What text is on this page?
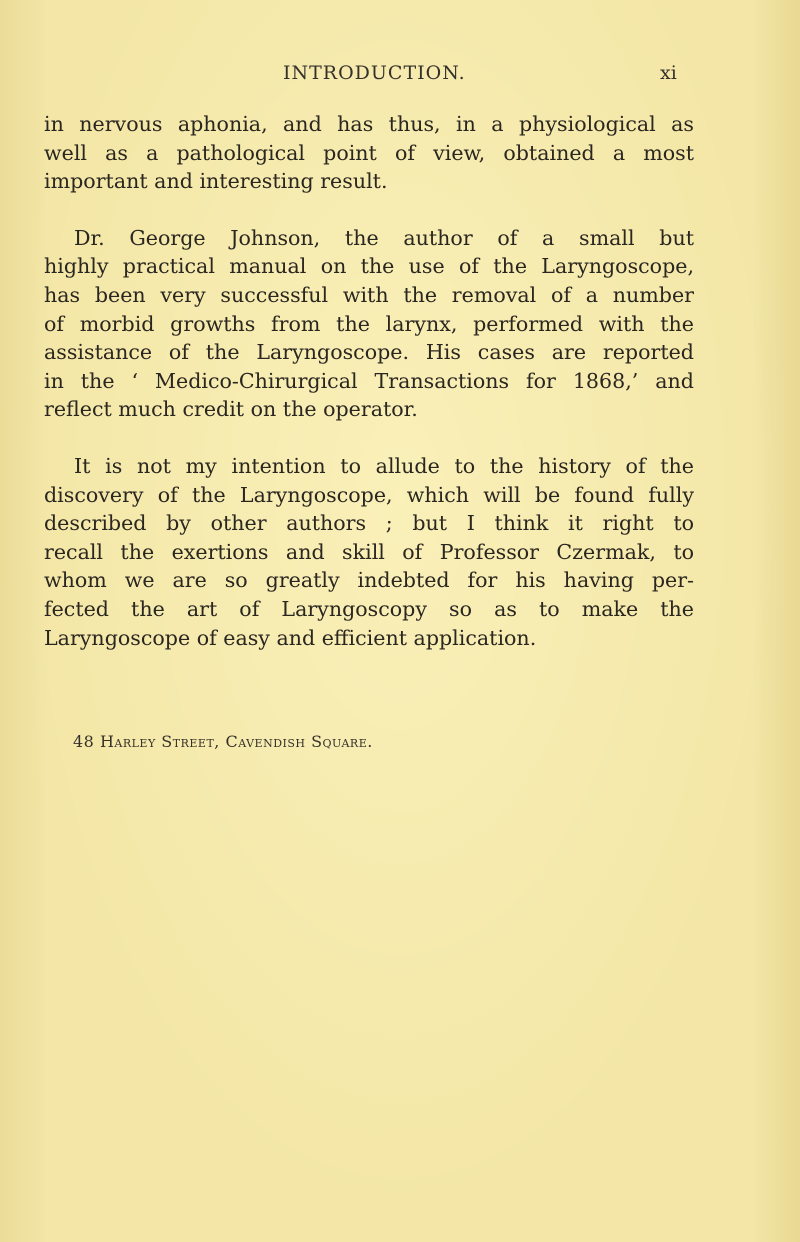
INTRODUCTION.	xi
in nervous aphonia, and has thus, in a physiological as
well as a pathological point of view, obtained a most
important and interesting result.
Dr. George Johnson, the author of a small but
highly practical manual on the use of the Laryngoscope,
has been very successful with the removal of a number
of morbid growths from the larynx, performed with the
assistance of the Laryngoscope. His cases are reported
in the ‘ Medico-Chirurgical Transactions for 1868,’ and
reflect much credit on the operator.
It is not my intention to allude to the history of the
discovery of the Laryngoscope, which will be found fully
described by other authors ; but I think it right to
recall the exertions and skill of Professor Czermak, to
whom we are so greatly indebted for his having per-
fected the art of Laryngoscopy so as to make the
Laryngoscope of easy and efficient application.
48 Harley Street, Cavendish Square.
